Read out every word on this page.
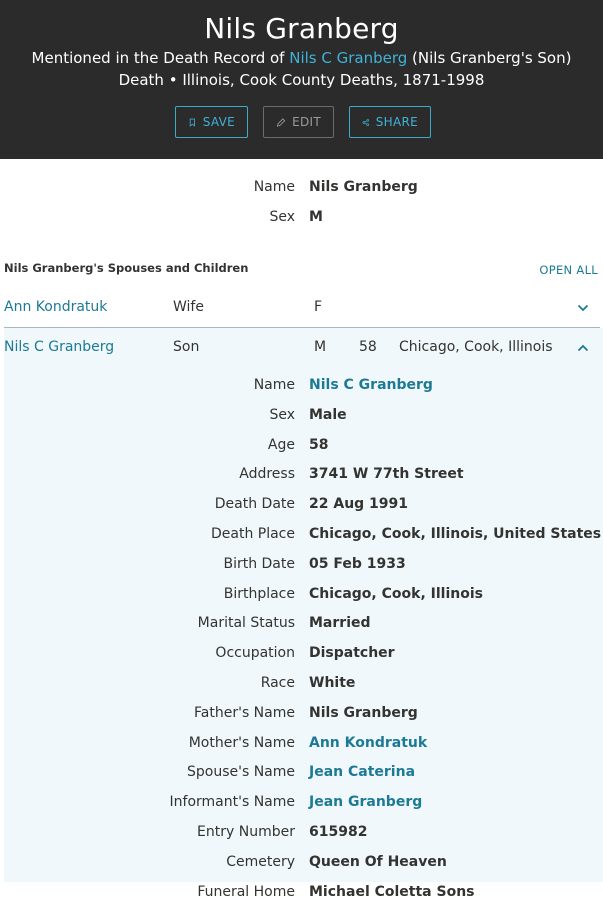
Nils Granberg
Mentioned in the Death Record of Nils C Granberg (Nils Granberg's Son)
Death • Illinois, Cook County Deaths, 1871-1998
SAVE	EDIT	SHARE
Name Nils Granberg
Sex M
Nils Granberg's Spouses and Children	OPEN ALL
Ann Kondratuk	Wife	F
Nils C Granberg	Son	M 58 Chicago, Cook, Illinois
Name Nils C Granberg
Sex Male
Age 58
Address 3741 W 77th Street
Death Date 22 Aug 1991
Death Place Chicago, Cook, Illinois, United States
Birth Date 05 Feb 1933
Birthplace Chicago, Cook, Illinois
Marital Status Married
Occupation Dispatcher
Race White
Father's Name Nils Granberg
Mother's Name Ann Kondratuk
Spouse's Name Jean Caterina
Informant's Name Jean Granberg
Entry Number 615982
Cemetery Queen Of Heaven
Funeral Home Michael Coletta Sons
